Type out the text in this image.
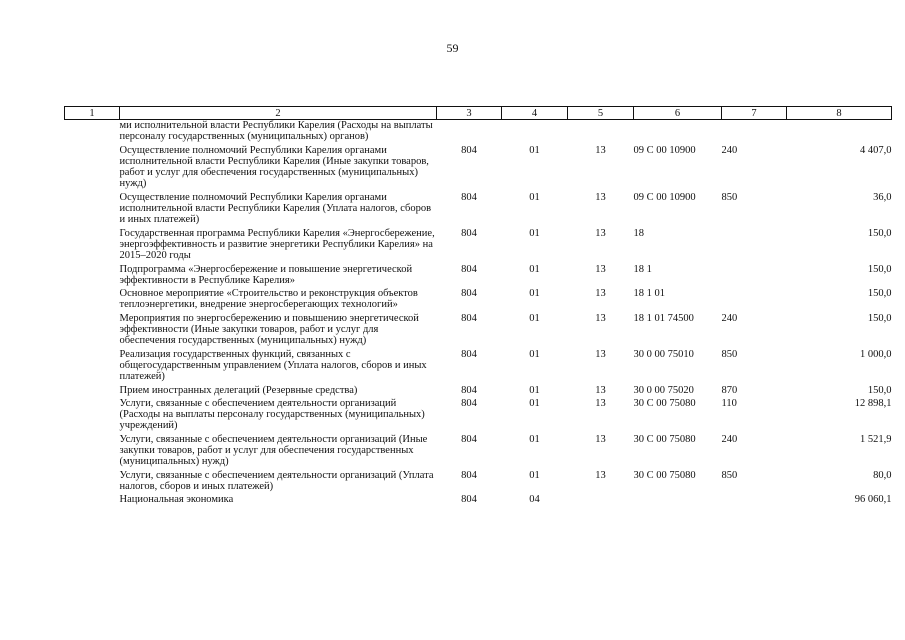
59
1	2	3	4	5	6	7	8
	ми исполнительной власти Республики Карелия (Расходы на выплаты персоналу государственных (муниципальных) органов)						
	Осуществление полномочий Республики Карелия органами исполнительной власти Республики Карелия (Иные закупки товаров, работ и услуг для обеспечения государственных (муниципальных) нужд)	804	01	13	09 С 00 10900	240	4 407,0
	Осуществление полномочий Республики Карелия органами исполнительной власти Республики Карелия (Уплата налогов, сборов и иных платежей)	804	01	13	09 С 00 10900	850	36,0
	Государственная программа Республики Карелия «Энергосбережение, энергоэффективность и развитие энергетики Республики Карелия» на 2015–2020 годы	804	01	13	18		150,0
	Подпрограмма «Энергосбережение и повышение энергетической эффективности в Республике Карелия»	804	01	13	18 1		150,0
	Основное мероприятие «Строительство и реконструкция объектов теплоэнергетики, внедрение энергосберегающих технологий»	804	01	13	18 1 01		150,0
	Мероприятия по энергосбережению и повышению энергетической эффективности (Иные закупки товаров, работ и услуг для обеспечения государственных (муниципальных) нужд)	804	01	13	18 1 01 74500	240	150,0
	Реализация государственных функций, связанных с общегосударственным управлением (Уплата налогов, сборов и иных платежей)	804	01	13	30 0 00 75010	850	1 000,0
	Прием иностранных делегаций (Резервные средства)	804	01	13	30 0 00 75020	870	150,0
	Услуги, связанные с обеспечением деятельности организаций (Расходы на выплаты персоналу государственных (муниципальных) учреждений)	804	01	13	30 С 00 75080	110	12 898,1
	Услуги, связанные с обеспечением деятельности организаций (Иные закупки товаров, работ и услуг для обеспечения государственных (муниципальных) нужд)	804	01	13	30 С 00 75080	240	1 521,9
	Услуги, связанные с обеспечением деятельности организаций (Уплата налогов, сборов и иных платежей)	804	01	13	30 С 00 75080	850	80,0
	Национальная экономика	804	04				96 060,1
